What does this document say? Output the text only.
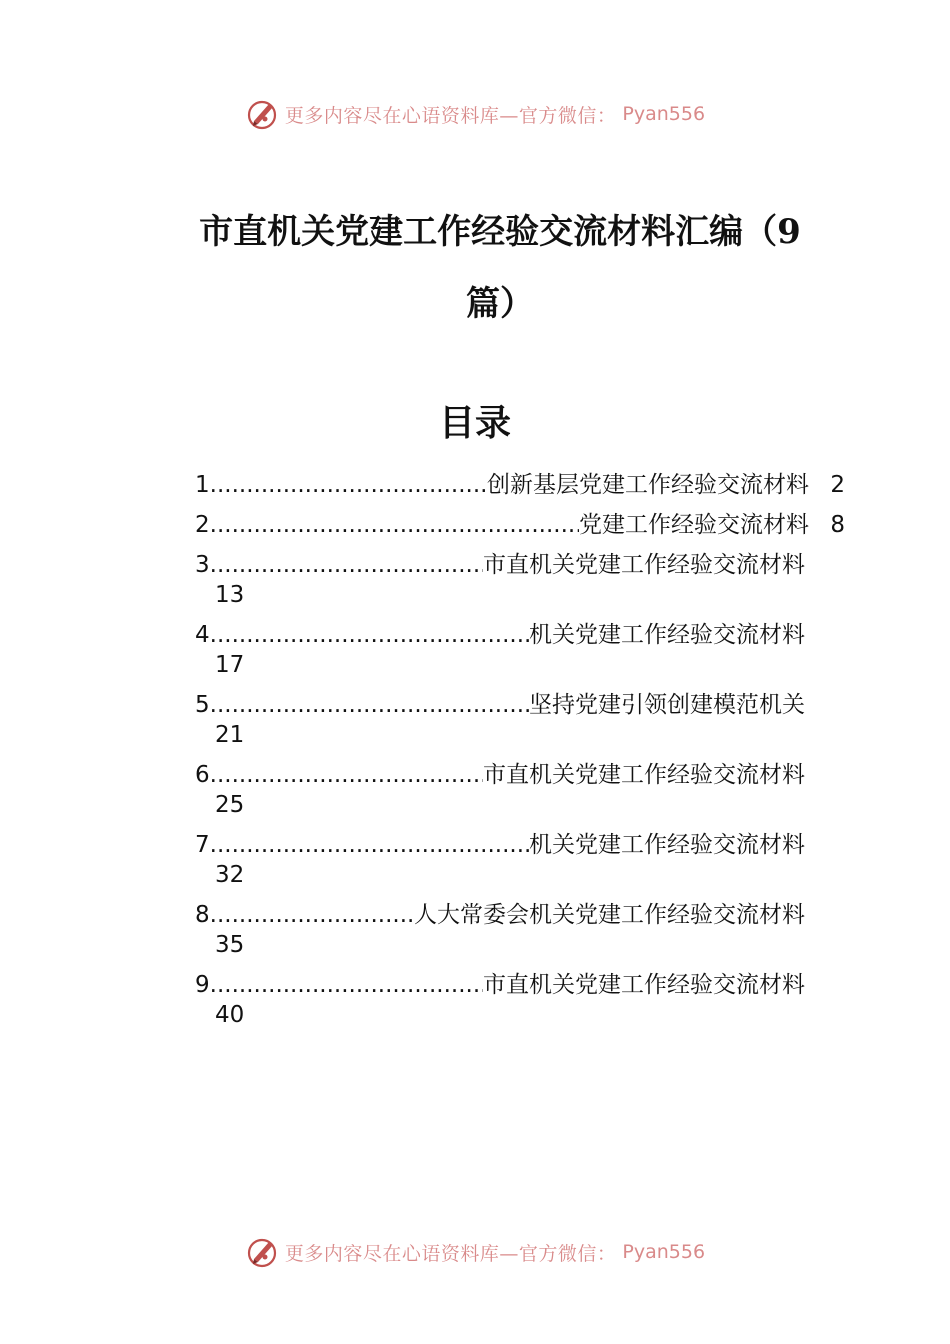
更多内容尽在心语资料库—官方微信： Pyan556
市直机关党建工作经验交流材料汇编（9篇）
目录
1 .....	创新基层党建工作经验交流材料 2
2 .....	党建工作经验交流材料 8
3 .....	市直机关党建工作经验交流材料
13
4 .....	机关党建工作经验交流材料
17
5 .....	坚持党建引领创建模范机关
21
6 .....	市直机关党建工作经验交流材料
25
7 .....	机关党建工作经验交流材料
32
8 .....	人大常委会机关党建工作经验交流材料
35
9 .....	市直机关党建工作经验交流材料
40
更多内容尽在心语资料库—官方微信： Pyan556
